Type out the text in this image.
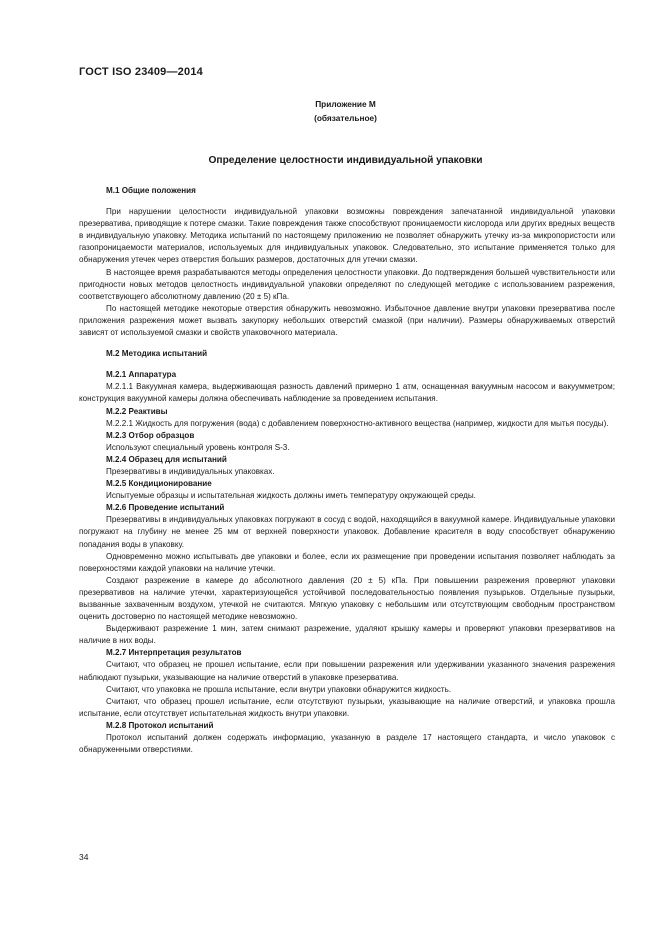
ГОСТ ISO 23409—2014
Приложение М
(обязательное)
Определение целостности индивидуальной упаковки
М.1 Общие положения

При нарушении целостности индивидуальной упаковки возможны повреждения запечатанной индивидуальной упаковки презерватива, приводящие к потере смазки. Такие повреждения также способствуют проницаемости кислорода или других вредных веществ в индивидуальную упаковку. Методика испытаний по настоящему приложению не позволяет обнаружить утечку из-за микропористости или газопроницаемости материалов, используемых для индивидуальных упаковок. Следовательно, это испытание применяется только для обнаружения утечек через отверстия больших размеров, достаточных для утечки смазки.

В настоящее время разрабатываются методы определения целостности упаковки. До подтверждения большей чувствительности или пригодности новых методов целостность индивидуальной упаковки определяют по следующей методике с использованием разрежения, соответствующего абсолютному давлению (20 ± 5) кПа.

По настоящей методике некоторые отверстия обнаружить невозможно. Избыточное давление внутри упаковки презерватива после приложения разрежения может вызвать закупорку небольших отверстий смазкой (при наличии). Размеры обнаруживаемых отверстий зависят от используемой смазки и свойств упаковочного материала.

М.2 Методика испытаний
М.2.1 Аппаратура

М.2.1.1 Вакуумная камера, выдерживающая разность давлений примерно 1 атм, оснащенная вакуумным насосом и вакуумметром; конструкция вакуумной камеры должна обеспечивать наблюдение за проведением испытания.

М.2.2 Реактивы

М.2.2.1 Жидкость для погружения (вода) с добавлением поверхностно-активного вещества (например, жидкости для мытья посуды).

М.2.3 Отбор образцов

Используют специальный уровень контроля S-3.

М.2.4 Образец для испытаний

Презервативы в индивидуальных упаковках.

М.2.5 Кондиционирование

Испытуемые образцы и испытательная жидкость должны иметь температуру окружающей среды.

М.2.6 Проведение испытаний

Презервативы в индивидуальных упаковках погружают в сосуд с водой, находящийся в вакуумной камере. Индивидуальные упаковки погружают на глубину не менее 25 мм от верхней поверхности упаковок. Добавление красителя в воду способствует обнаружению попадания воды в упаковку.

Одновременно можно испытывать две упаковки и более, если их размещение при проведении испытания позволяет наблюдать за поверхностями каждой упаковки на наличие утечки.

Создают разрежение в камере до абсолютного давления (20 ± 5) кПа. При повышении разрежения проверяют упаковки презервативов на наличие утечки, характеризующейся устойчивой последовательностью появления пузырьков. Отдельные пузырьки, вызванные захваченным воздухом, утечкой не считаются. Мягкую упаковку с небольшим или отсутствующим свободным пространством оценить достоверно по настоящей методике невозможно.

Выдерживают разрежение 1 мин, затем снимают разрежение, удаляют крышку камеры и проверяют упаковки презервативов на наличие в них воды.

М.2.7 Интерпретация результатов

Считают, что образец не прошел испытание, если при повышении разрежения или удерживании указанного значения разрежения наблюдают пузырьки, указывающие на наличие отверстий в упаковке презерватива.

Считают, что упаковка не прошла испытание, если внутри упаковки обнаружится жидкость.

Считают, что образец прошел испытание, если отсутствуют пузырьки, указывающие на наличие отверстий, и упаковка прошла испытание, если отсутствует испытательная жидкость внутри упаковки.

М.2.8 Протокол испытаний

Протокол испытаний должен содержать информацию, указанную в разделе 17 настоящего стандарта, и число упаковок с обнаруженными отверстиями.

34
